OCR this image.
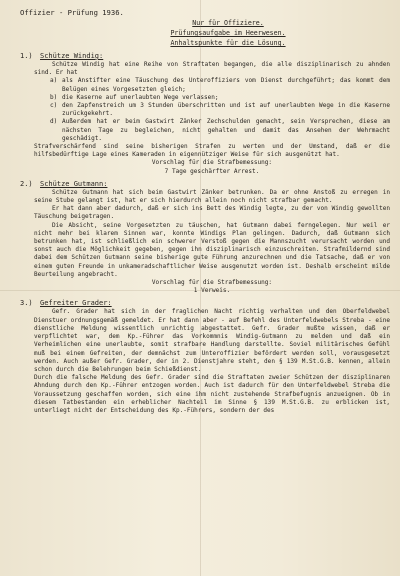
Offizier - Prüfung 1936.
Nur für Offiziere.
Prüfungsaufgabe im Heerwesen.
Anhaltspunkte für die Lösung.
1.) Schütze Windig:

Schütze Windig hat eine Reihe von Straftaten begangen, die alle disziplinarisch zu ahnden sind. Er hat

a) als Anstifter eine Täuschung des Unteroffiziers vom Dienst durchgeführt; das kommt dem Belügen eines Vorgesetzten gleich;

b) die Kaserne auf unerlaubten Wege verlassen;

c) den Zapfenstreich um 3 Stunden überschritten und ist auf unerlaubten Wege in die Kaserne zurückgekehrt.

d) Außerdem hat er beim Gastwirt Zänker Zechschulden gemacht, sein Versprechen, diese am nächsten Tage zu begleichen, nicht gehalten und damit das Ansehen der Wehrmacht geschädigt.

Strafverschärfend sind seine bisherigen Strafen zu werten und der Umstand, daß er die hilfsbedürftige Lage eines Kameraden in eigennütziger Weise für sich ausgenützt hat.

Vorschlag für die Strafbemessung:

7 Tage geschärfter Arrest.

2.) Schütze Gutmann:

Schütze Gutmann hat sich beim Gastwirt Zänker betrunken. Da er ohne Anstoß zu erregen in seine Stube gelangt ist, hat er sich hierdurch allein noch nicht strafbar gemacht.

Er hat dann aber dadurch, daß er sich ins Bett des Windig legte, zu der von Windig gewollten Täuschung beigetragen.

Die Absicht, seine Vorgesetzten zu täuschen, hat Gutmann dabei ferngelegen. Nur weil er nicht mehr bei klarem Sinnen war, konnte Windigs Plan gelingen. Dadurch, daß Gutmann sich betrunken hat, ist schließlich ein schwerer Verstoß gegen die Mannszucht verursacht worden und sonst auch die Möglichkeit gegeben, gegen ihn disziplinarisch einzuschreiten. Strafmildernd sind dabei dem Schützen Gutmann seine bisherige gute Führung anzurechnen und die Tatsache, daß er von einem guten Freunde in unkameradschaftlicher Weise ausgenutzt worden ist. Deshalb erscheint milde Beurteilung angebracht.

Vorschlag für die Strafbemessung:

1 Verweis.

3.) Gefreiter Grader:

Gefr. Grader hat sich in der fraglichen Nacht richtig verhalten und den Oberfeldwebel Dienstuer ordnungsgemäß gemeldet. Er hat dann aber - auf Befehl des Unterfeldwebels Streba - eine dienstliche Meldung wissentlich unrichtig abgestattet. Gefr. Grader mußte wissen, daß er verpflichtet war, dem Kp.-Führer das Vorkommnis Windig-Gutmann zu melden und daß ein Verheimlichen eine unerlaubte, somit strafbare Handlung darstellte. Soviel militärisches Gefühl muß bei einem Gefreiten, der demnächst zum Unteroffizier befördert werden soll, vorausgesetzt werden. Auch außer Gefr. Grader, der in 2. Dienstjahre steht, den § 139 M.St.G.B. kennen, allein schon durch die Belehrungen beim Schießdienst.

Durch die falsche Meldung des Gefr. Grader sind die Straftaten zweier Schützen der disziplinaren Ahndung durch den Kp.-Führer entzogen worden. Auch ist dadurch für den Unterfeldwebel Streba die Voraussetzung geschaffen worden, sich eine ihm nicht zustehende Strafbefugnis anzueignen. Ob in diesem Tatbestanden ein erheblicher Nachteil im Sinne § 139 M.St.G.B. zu erblicken ist, unterliegt nicht der Entscheidung des Kp.-Führers, sondern der des
